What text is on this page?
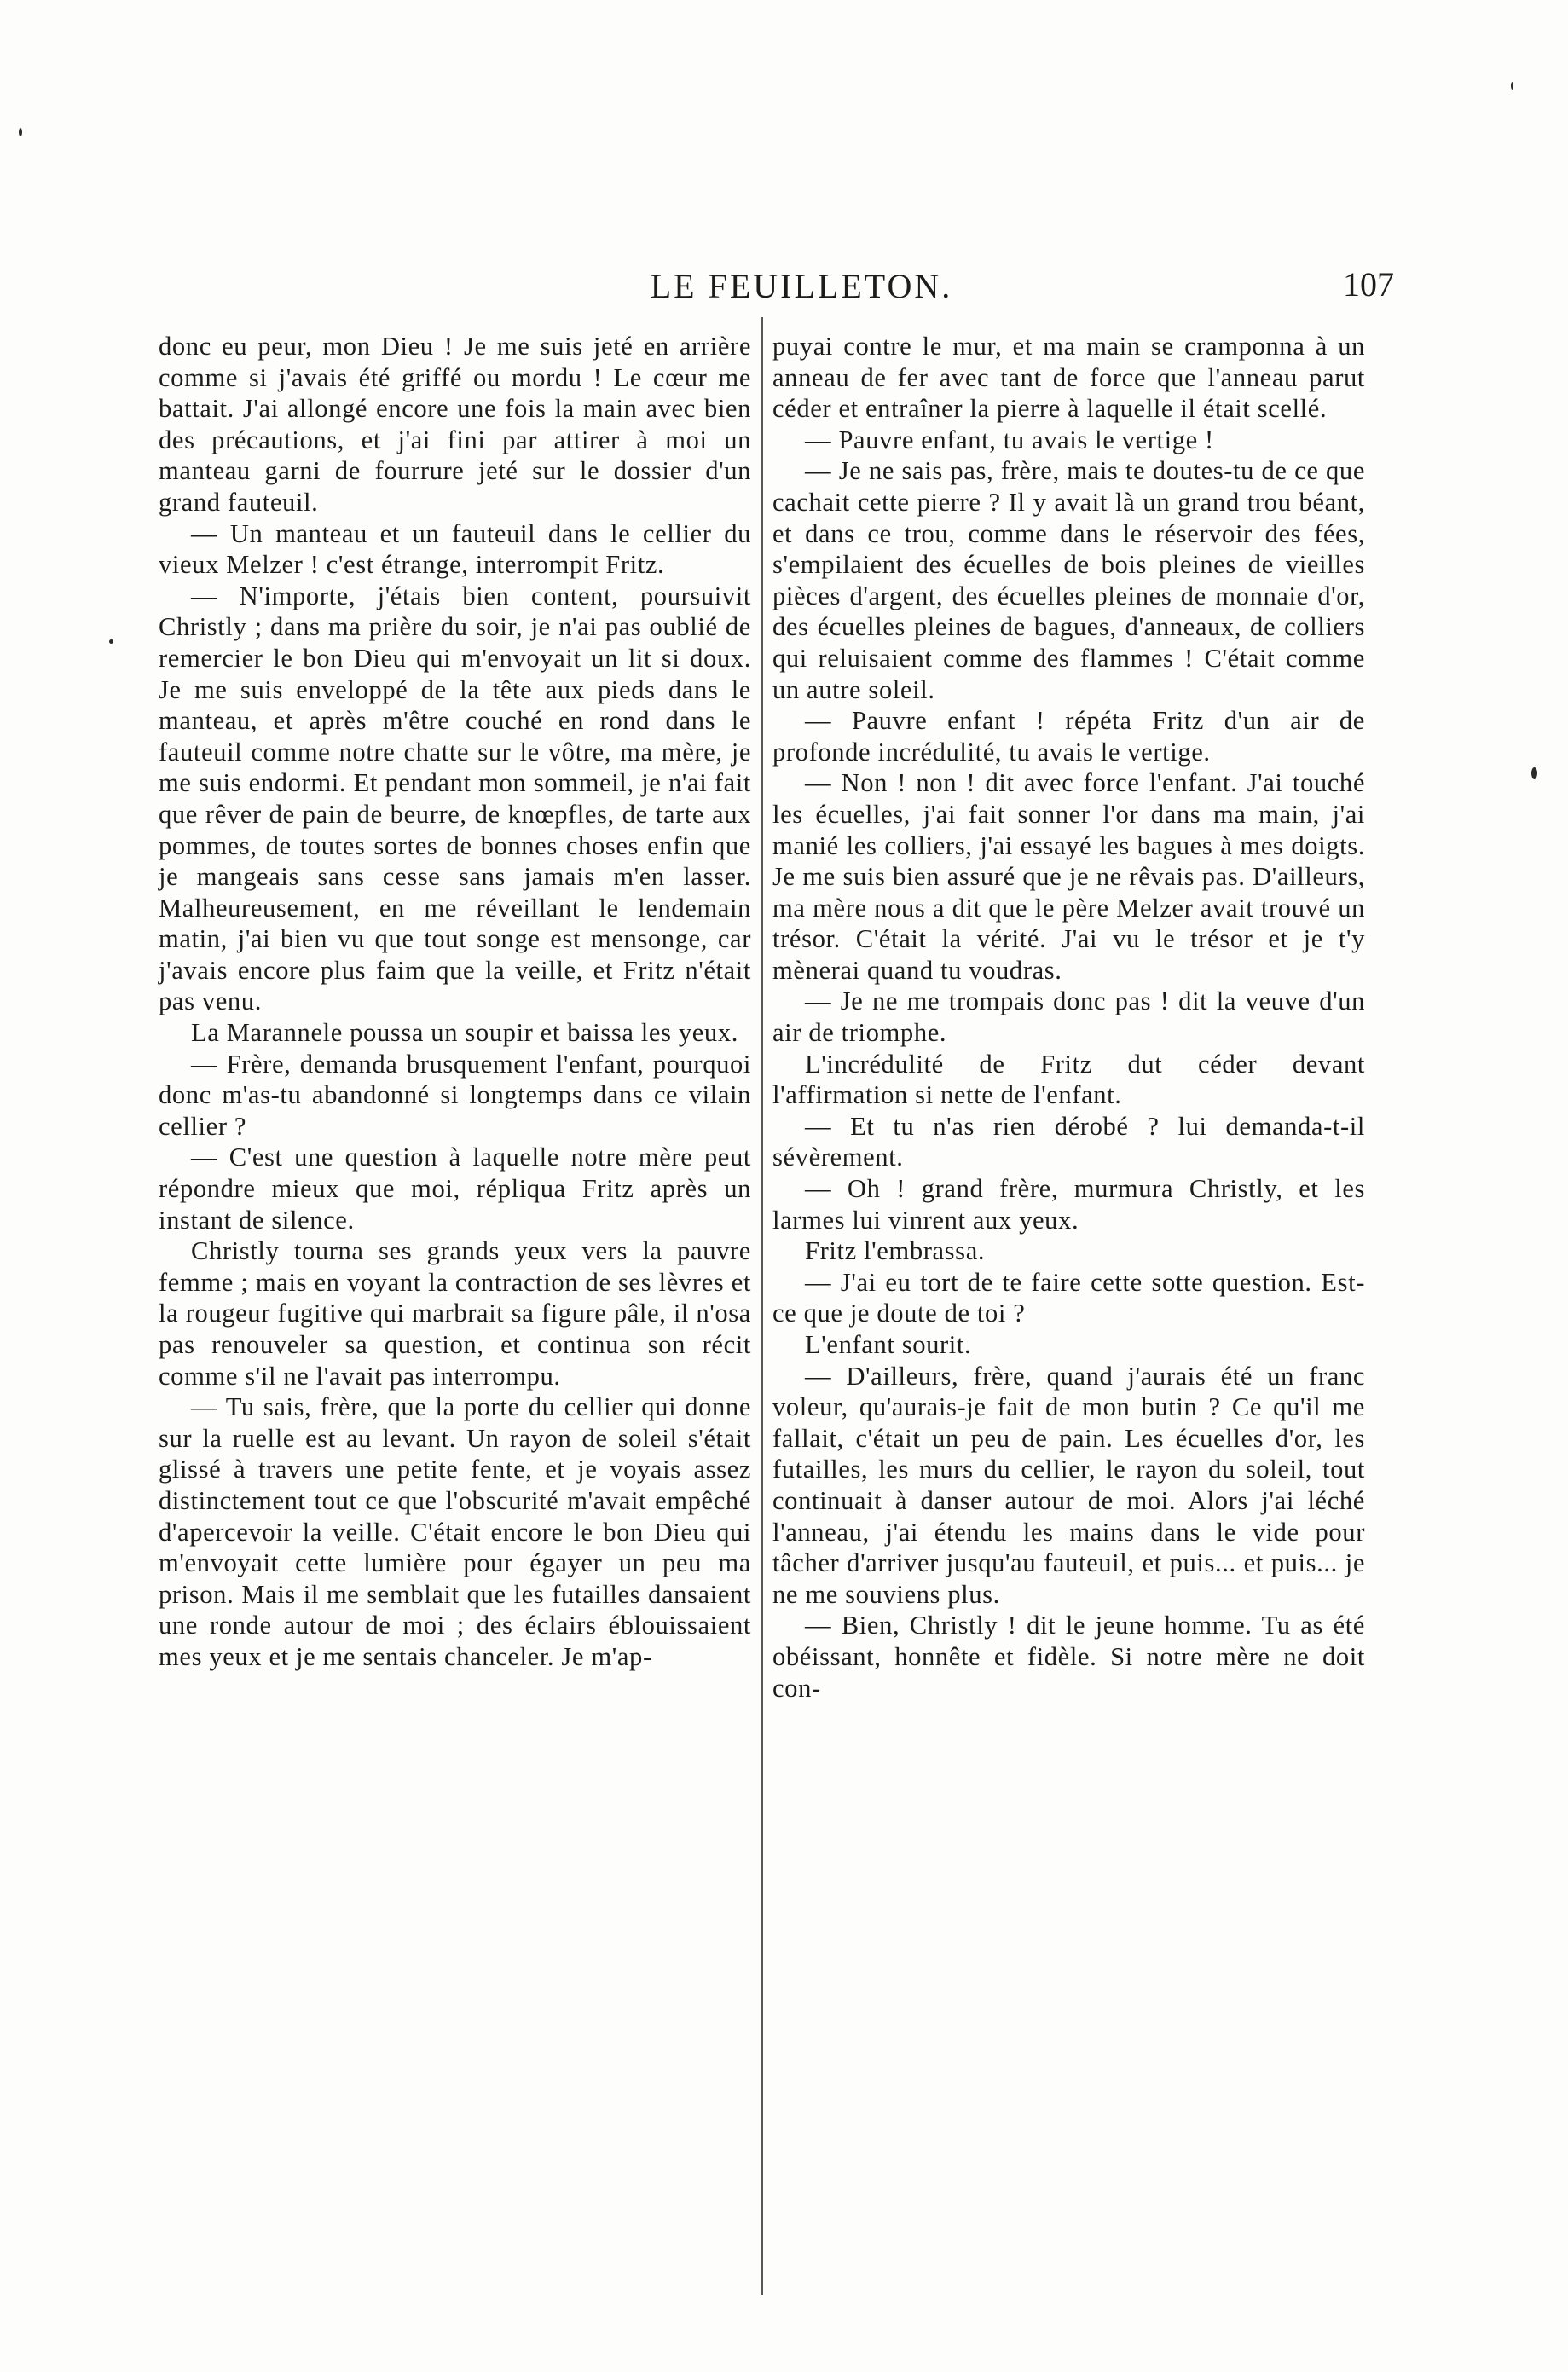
LE FEUILLETON.	107

donc eu peur, mon Dieu ! Je me suis jeté en arrière comme si j'avais été griffé ou mordu ! Le cœur me battait. J'ai allongé encore une fois la main avec bien des précautions, et j'ai fini par attirer à moi un manteau garni de fourrure jeté sur le dossier d'un grand fauteuil.

— Un manteau et un fauteuil dans le cellier du vieux Melzer ! c'est étrange, interrompit Fritz.

— N'importe, j'étais bien content, poursuivit Christly ; dans ma prière du soir, je n'ai pas oublié de remercier le bon Dieu qui m'envoyait un lit si doux. Je me suis enveloppé de la tête aux pieds dans le manteau, et après m'être couché en rond dans le fauteuil comme notre chatte sur le vôtre, ma mère, je me suis endormi. Et pendant mon sommeil, je n'ai fait que rêver de pain de beurre, de knœpfles, de tarte aux pommes, de toutes sortes de bonnes choses enfin que je mangeais sans cesse sans jamais m'en lasser. Malheureusement, en me réveillant le lendemain matin, j'ai bien vu que tout songe est mensonge, car j'avais encore plus faim que la veille, et Fritz n'était pas venu.

La Marannele poussa un soupir et baissa les yeux.

— Frère, demanda brusquement l'enfant, pourquoi donc m'as-tu abandonné si longtemps dans ce vilain cellier ?

— C'est une question à laquelle notre mère peut répondre mieux que moi, répliqua Fritz après un instant de silence.

Christly tourna ses grands yeux vers la pauvre femme ; mais en voyant la contraction de ses lèvres et la rougeur fugitive qui marbrait sa figure pâle, il n'osa pas renouveler sa question, et continua son récit comme s'il ne l'avait pas interrompu.

— Tu sais, frère, que la porte du cellier qui donne sur la ruelle est au levant. Un rayon de soleil s'était glissé à travers une petite fente, et je voyais assez distinctement tout ce que l'obscurité m'avait empêché d'apercevoir la veille. C'était encore le bon Dieu qui m'envoyait cette lumière pour égayer un peu ma prison. Mais il me semblait que les futailles dansaient une ronde autour de moi ; des éclairs éblouissaient mes yeux et je me sentais chanceler. Je m'ap-

puyai contre le mur, et ma main se cramponna à un anneau de fer avec tant de force que l'anneau parut céder et entraîner la pierre à laquelle il était scellé.

— Pauvre enfant, tu avais le vertige !

— Je ne sais pas, frère, mais te doutes-tu de ce que cachait cette pierre ? Il y avait là un grand trou béant, et dans ce trou, comme dans le réservoir des fées, s'empilaient des écuelles de bois pleines de vieilles pièces d'argent, des écuelles pleines de monnaie d'or, des écuelles pleines de bagues, d'anneaux, de colliers qui reluisaient comme des flammes ! C'était comme un autre soleil.

— Pauvre enfant ! répéta Fritz d'un air de profonde incrédulité, tu avais le vertige.

— Non ! non ! dit avec force l'enfant. J'ai touché les écuelles, j'ai fait sonner l'or dans ma main, j'ai manié les colliers, j'ai essayé les bagues à mes doigts. Je me suis bien assuré que je ne rêvais pas. D'ailleurs, ma mère nous a dit que le père Melzer avait trouvé un trésor. C'était la vérité. J'ai vu le trésor et je t'y mènerai quand tu voudras.

— Je ne me trompais donc pas ! dit la veuve d'un air de triomphe.

L'incrédulité de Fritz dut céder devant l'affirmation si nette de l'enfant.

— Et tu n'as rien dérobé ? lui demanda-t-il sévèrement.

— Oh ! grand frère, murmura Christly, et les larmes lui vinrent aux yeux.

Fritz l'embrassa.

— J'ai eu tort de te faire cette sotte question. Est-ce que je doute de toi ?

L'enfant sourit.

— D'ailleurs, frère, quand j'aurais été un franc voleur, qu'aurais-je fait de mon butin ? Ce qu'il me fallait, c'était un peu de pain. Les écuelles d'or, les futailles, les murs du cellier, le rayon du soleil, tout continuait à danser autour de moi. Alors j'ai léché l'anneau, j'ai étendu les mains dans le vide pour tâcher d'arriver jusqu'au fauteuil, et puis... et puis... je ne me souviens plus.

— Bien, Christly ! dit le jeune homme. Tu as été obéissant, honnête et fidèle. Si notre mère ne doit con-
